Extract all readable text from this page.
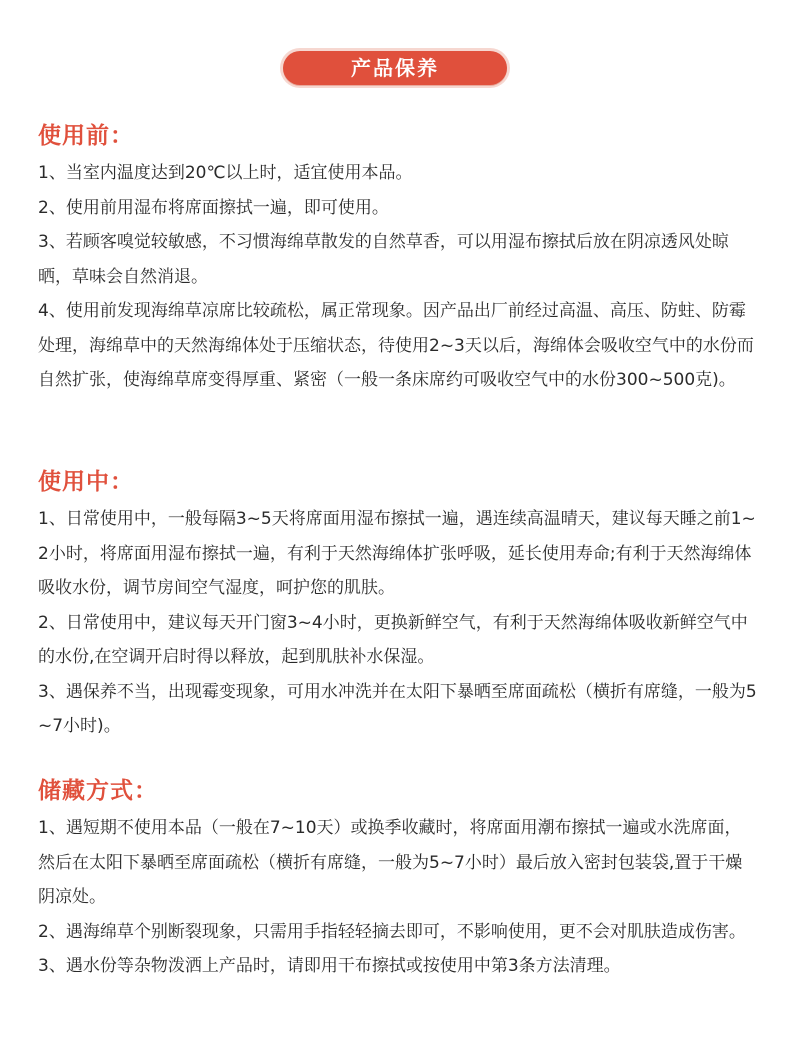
产品保养
使用前：

1、当室内温度达到20℃以上时，适宜使用本品。

2、使用前用湿布将席面擦拭一遍，即可使用。

3、若顾客嗅觉较敏感，不习惯海绵草散发的自然草香，可以用湿布擦拭后放在阴凉透风处晾晒，草味会自然消退。

4、使用前发现海绵草凉席比较疏松，属正常现象。因产品出厂前经过高温、高压、防蛀、防霉处理，海绵草中的天然海绵体处于压缩状态，待使用2~3天以后，海绵体会吸收空气中的水份而自然扩张，使海绵草席变得厚重、紧密（一般一条床席约可吸收空气中的水份300~500克)。

使用中：

1、日常使用中，一般每隔3~5天将席面用湿布擦拭一遍，遇连续高温晴天，建议每天睡之前1~2小时，将席面用湿布擦拭一遍，有利于天然海绵体扩张呼吸，延长使用寿命;有利于天然海绵体吸收水份，调节房间空气湿度，呵护您的肌肤。

2、日常使用中，建议每天开门窗3~4小时，更换新鲜空气，有利于天然海绵体吸收新鲜空气中的水份,在空调开启时得以释放，起到肌肤补水保湿。

3、遇保养不当，出现霉变现象，可用水冲洗并在太阳下暴晒至席面疏松（横折有席缝，一般为5~7小时)。

储藏方式：

1、遇短期不使用本品（一般在7~10天）或换季收藏时，将席面用潮布擦拭一遍或水洗席面，然后在太阳下暴晒至席面疏松（横折有席缝，一般为5~7小时）最后放入密封包装袋,置于干燥阴凉处。

2、遇海绵草个别断裂现象，只需用手指轻轻摘去即可，不影响使用，更不会对肌肤造成伤害。

3、遇水份等杂物泼洒上产品时，请即用干布擦拭或按使用中第3条方法清理。
